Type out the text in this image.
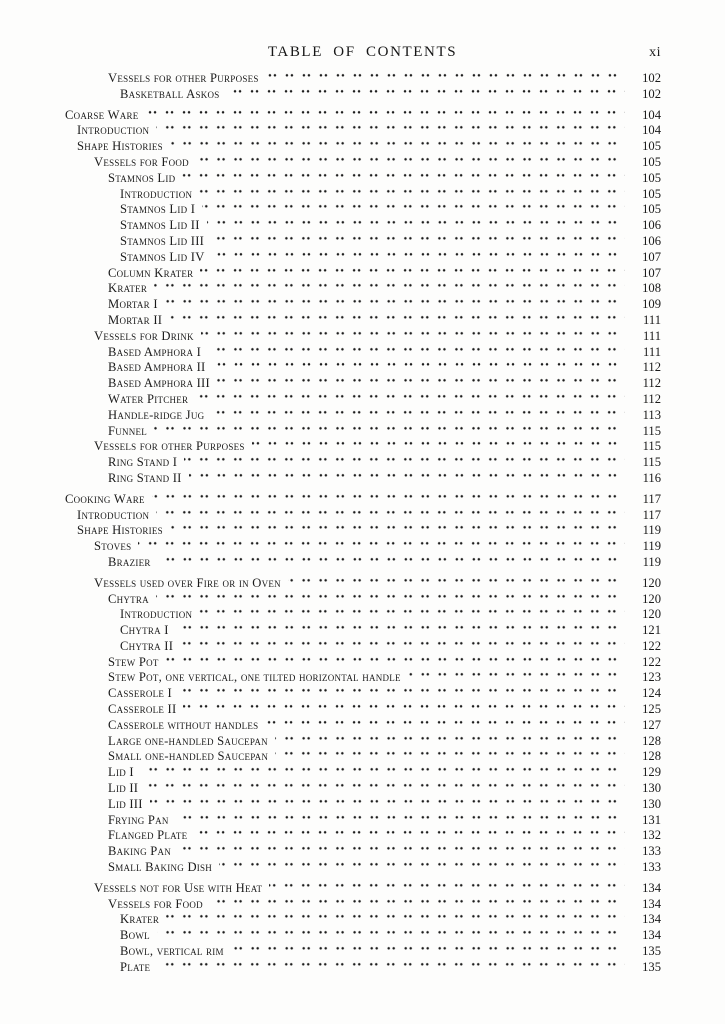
TABLE OF CONTENTS	xi
Vessels for other Purposes	102
Basketball Askos	102
Coarse Ware	104
Introduction	104
Shape Histories	105
Vessels for Food	105
Stamnos Lid	105
Introduction	105
Stamnos Lid I	105
Stamnos Lid II	106
Stamnos Lid III	106
Stamnos Lid IV	107
Column Krater	107
Krater	108
Mortar I	109
Mortar II	111
Vessels for Drink	111
Based Amphora I	111
Based Amphora II	112
Based Amphora III	112
Water Pitcher	112
Handle-ridge Jug	113
Funnel	115
Vessels for other Purposes	115
Ring Stand I	115
Ring Stand II	116
Cooking Ware	117
Introduction	117
Shape Histories	119
Stoves	119
Brazier	119
Vessels used over Fire or in Oven	120
Chytra	120
Introduction	120
Chytra I	121
Chytra II	122
Stew Pot	122
Stew Pot, one vertical, one tilted horizontal handle	123
Casserole I	124
Casserole II	125
Casserole without handles	127
Large one-handled Saucepan	128
Small one-handled Saucepan	128
Lid I	129
Lid II	130
Lid III	130
Frying Pan	131
Flanged Plate	132
Baking Pan	133
Small Baking Dish	133
Vessels not for Use with Heat	134
Vessels for Food	134
Krater	134
Bowl	134
Bowl, vertical rim	135
Plate	135
